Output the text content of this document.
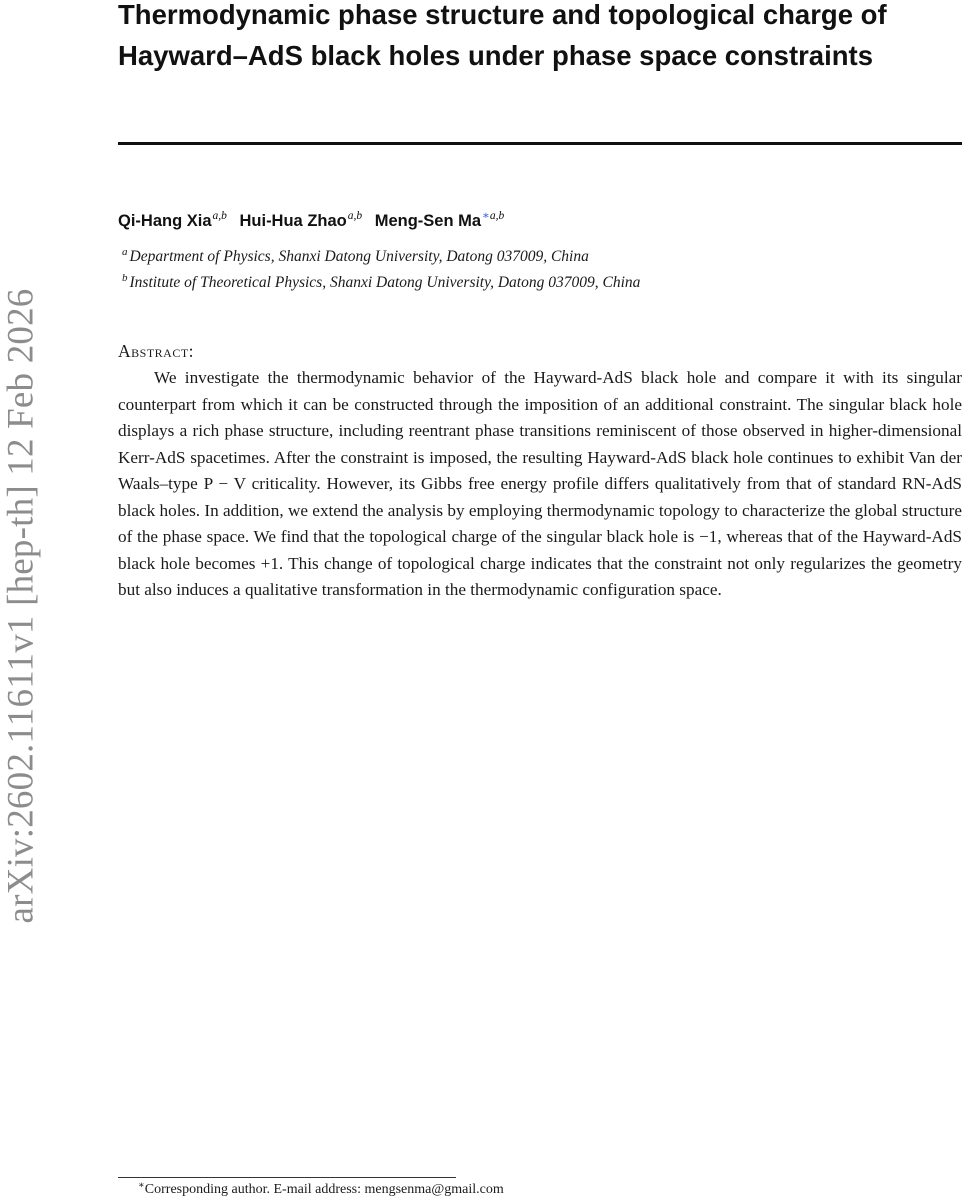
arXiv:2602.11611v1 [hep-th] 12 Feb 2026
Thermodynamic phase structure and topological charge of Hayward–AdS black holes under phase space constraints
Qi-Hang Xia$^{a,b}$ Hui-Hua Zhao$^{a,b}$ Meng-Sen $Ma^{∗a,b}$
$^a$ Department of Physics, Shanxi Datong University, Datong 037009, China
$^b$ Institute of Theoretical Physics, Shanxi Datong University, Datong 037009, China
Abstract:

We investigate the thermodynamic behavior of the Hayward-AdS black hole and compare it with its singular counterpart from which it can be constructed through the imposition of an additional constraint. The singular black hole displays a rich phase structure, including reentrant phase transitions reminiscent of those observed in higher-dimensional Kerr-AdS spacetimes. After the constraint is imposed, the resulting Hayward-AdS black hole continues to exhibit Van der Waals–type P − V criticality. However, its Gibbs free energy profile differs qualitatively from that of standard RN-AdS black holes. In addition, we extend the analysis by employing thermodynamic topology to characterize the global structure of the phase space. We find that the topological charge of the singular black hole is −1, whereas that of the Hayward-AdS black hole becomes +1. This change of topological charge indicates that the constraint not only regularizes the geometry but also induces a qualitative transformation in the thermodynamic configuration space.

∗Corresponding author. E-mail address: mengsenma@gmail.com
